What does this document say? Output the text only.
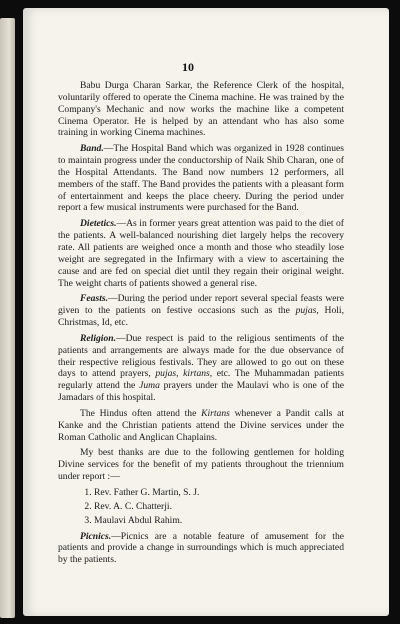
10

Babu Durga Charan Sarkar, the Reference Clerk of the hospital, voluntarily offered to operate the Cinema machine. He was trained by the Company's Mechanic and now works the machine like a competent Cinema Operator. He is helped by an attendant who has also some training in working Cinema machines.

Band.—The Hospital Band which was organized in 1928 continues to maintain progress under the conductorship of Naik Shib Charan, one of the Hospital Attendants. The Band now numbers 12 performers, all members of the staff. The Band provides the patients with a pleasant form of entertainment and keeps the place cheery. During the period under report a few musical instruments were purchased for the Band.

Dietetics.—As in former years great attention was paid to the diet of the patients. A well-balanced nourishing diet largely helps the recovery rate. All patients are weighed once a month and those who steadily lose weight are segregated in the Infirmary with a view to ascertaining the cause and are fed on special diet until they regain their original weight. The weight charts of patients showed a general rise.

Feasts.—During the period under report several special feasts were given to the patients on festive occasions such as the pujas, Holi, Christmas, Id, etc.

Religion.—Due respect is paid to the religious sentiments of the patients and arrangements are always made for the due observance of their respective religious festivals. They are allowed to go out on these days to attend prayers, pujas, kirtans, etc. The Muhammadan patients regularly attend the Juma prayers under the Maulavi who is one of the Jamadars of this hospital.

The Hindus often attend the Kirtans whenever a Pandit calls at Kanke and the Christian patients attend the Divine services under the Roman Catholic and Anglican Chaplains.

My best thanks are due to the following gentlemen for holding Divine services for the benefit of my patients throughout the triennium under report :—

1. Rev. Father G. Martin, S. J.
2. Rev. A. C. Chatterji.
3. Maulavi Abdul Rahim.

Picnics.—Picnics are a notable feature of amusement for the patients and provide a change in surroundings which is much appreciated by the patients.
